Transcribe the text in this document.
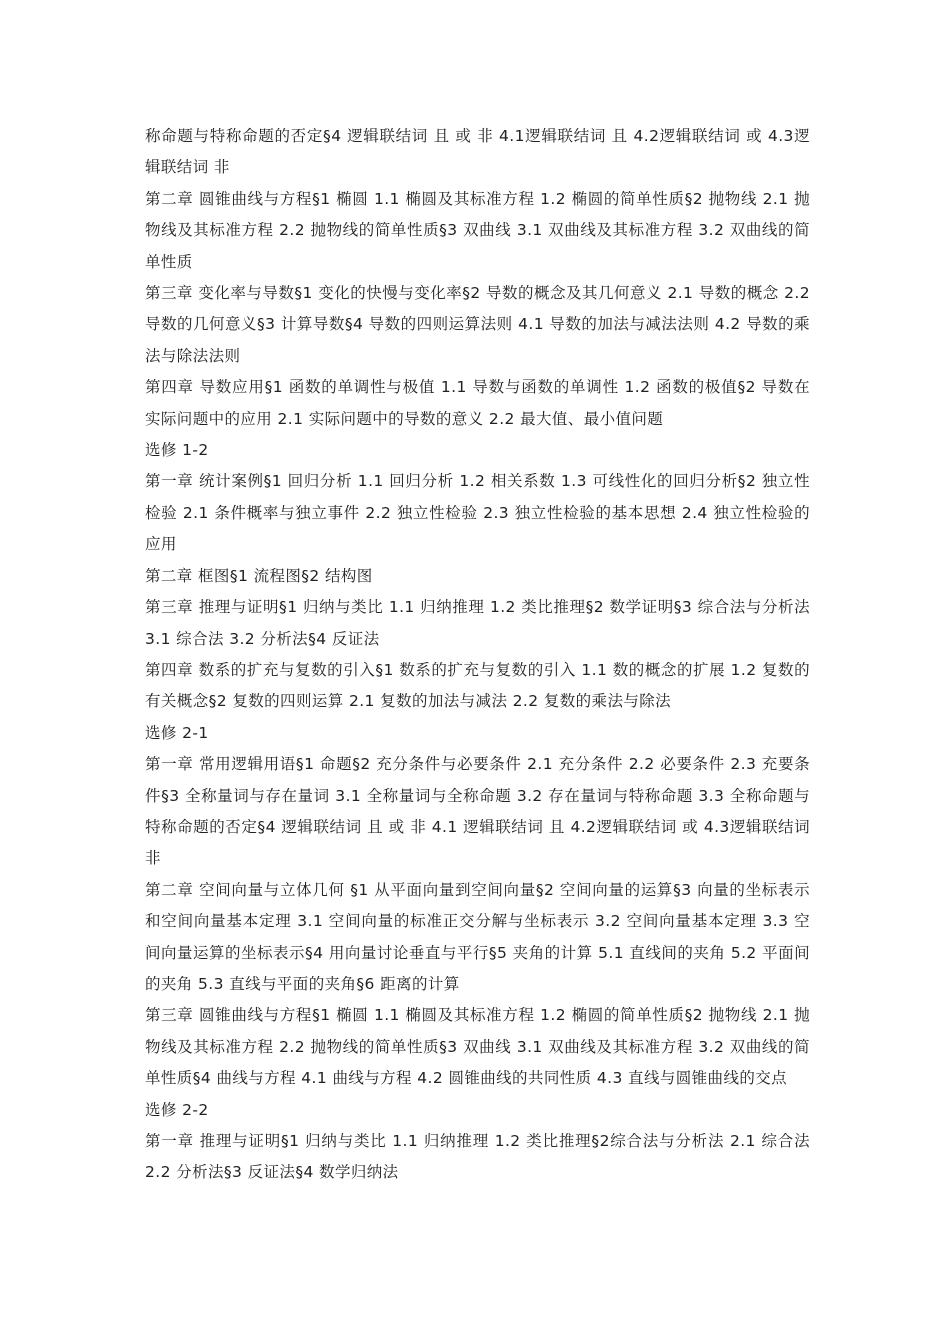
称命题与特称命题的否定§4 逻辑联结词 且 或 非 4.1逻辑联结词 且 4.2逻辑联结词 或 4.3逻辑联结词 非

第二章 圆锥曲线与方程§1 椭圆 1.1 椭圆及其标准方程 1.2 椭圆的简单性质§2 抛物线 2.1 抛物线及其标准方程 2.2 抛物线的简单性质§3 双曲线 3.1 双曲线及其标准方程 3.2 双曲线的简单性质

第三章 变化率与导数§1 变化的快慢与变化率§2 导数的概念及其几何意义 2.1 导数的概念 2.2 导数的几何意义§3 计算导数§4 导数的四则运算法则 4.1 导数的加法与减法法则 4.2 导数的乘法与除法法则

第四章 导数应用§1 函数的单调性与极值 1.1 导数与函数的单调性 1.2 函数的极值§2 导数在实际问题中的应用 2.1 实际问题中的导数的意义 2.2 最大值、最小值问题

选修 1-2

第一章 统计案例§1 回归分析 1.1 回归分析 1.2 相关系数 1.3 可线性化的回归分析§2 独立性检验 2.1 条件概率与独立事件 2.2 独立性检验 2.3 独立性检验的基本思想 2.4 独立性检验的应用

第二章 框图§1 流程图§2 结构图

第三章 推理与证明§1 归纳与类比 1.1 归纳推理 1.2 类比推理§2 数学证明§3 综合法与分析法 3.1 综合法 3.2 分析法§4 反证法

第四章 数系的扩充与复数的引入§1 数系的扩充与复数的引入 1.1 数的概念的扩展 1.2 复数的有关概念§2 复数的四则运算 2.1 复数的加法与减法 2.2 复数的乘法与除法

选修 2-1

第一章 常用逻辑用语§1 命题§2 充分条件与必要条件 2.1 充分条件 2.2 必要条件 2.3 充要条件§3 全称量词与存在量词 3.1 全称量词与全称命题 3.2 存在量词与特称命题 3.3 全称命题与特称命题的否定§4 逻辑联结词 且 或 非 4.1 逻辑联结词 且 4.2逻辑联结词 或 4.3逻辑联结词 非

第二章 空间向量与立体几何 §1 从平面向量到空间向量§2 空间向量的运算§3 向量的坐标表示和空间向量基本定理 3.1 空间向量的标准正交分解与坐标表示 3.2 空间向量基本定理 3.3 空间向量运算的坐标表示§4 用向量讨论垂直与平行§5 夹角的计算 5.1 直线间的夹角 5.2 平面间的夹角 5.3 直线与平面的夹角§6 距离的计算

第三章 圆锥曲线与方程§1 椭圆 1.1 椭圆及其标准方程 1.2 椭圆的简单性质§2 抛物线 2.1 抛物线及其标准方程 2.2 抛物线的简单性质§3 双曲线 3.1 双曲线及其标准方程 3.2 双曲线的简单性质§4 曲线与方程 4.1 曲线与方程 4.2 圆锥曲线的共同性质 4.3 直线与圆锥曲线的交点

选修 2-2

第一章 推理与证明§1 归纳与类比 1.1 归纳推理 1.2 类比推理§2综合法与分析法 2.1 综合法 2.2 分析法§3 反证法§4 数学归纳法
